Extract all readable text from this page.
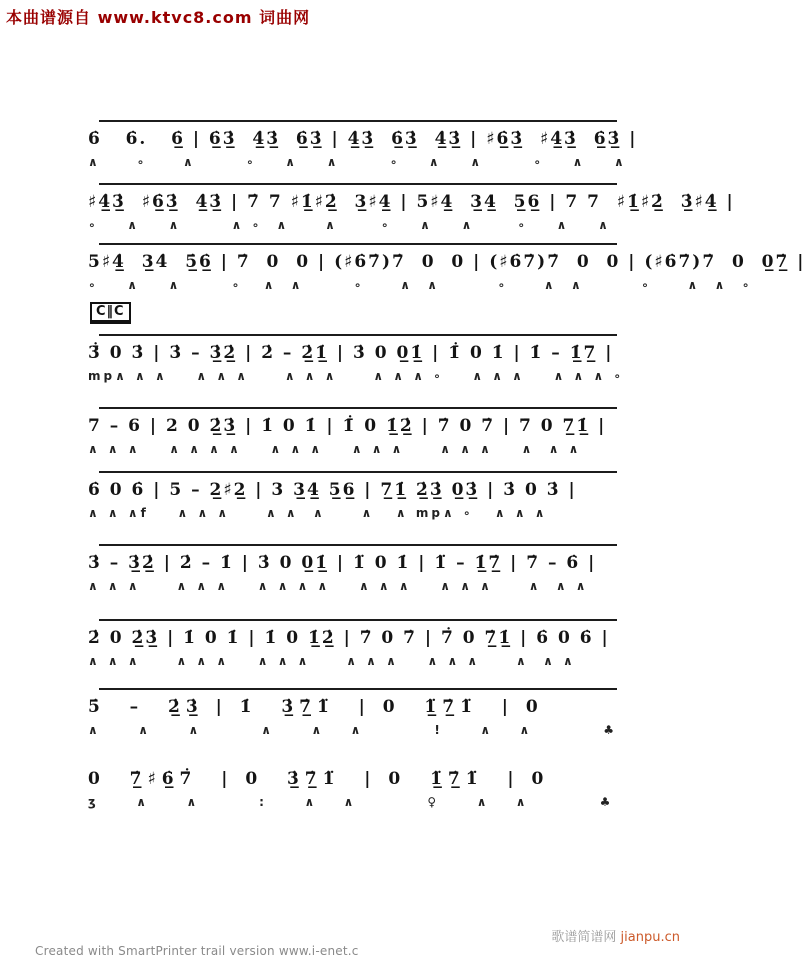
本曲谱源自 www.ktvc8.com 词曲网
6̇   6̇.   6̲̇ | 6̲̇3̲̇  4̲̇3̲̇  6̲̇3̲̇ | 4̲̇3̲̇  6̲̇3̲̇  4̲̇3̲̇ | ♯6̲̇3̲̇  ♯4̲̇3̲̇  6̲̇3̲̇ |
∧     ∘     ∧       ∘    ∧    ∧       ∘    ∧    ∧       ∘    ∧    ∧
♯4̲̇3̲̇  ♯6̲̇3̲̇  4̲̇3̲̇ | 7̇ 7 ♯1̲̇♯2̲̇  3̲♯4̲ | 5♯4̲  3̲4̲  5̲6̲ | 7 7  ♯1̲̇♯2̲̇  3̲̇♯4̲̇ |
∘    ∧    ∧       ∧ ∘  ∧     ∧      ∘    ∧    ∧      ∘    ∧    ∧
5♯4̲̇  3̲4̇  5̲̇6̲̇ | 7̇  0  0 | (♯6̇7̇)7̇  0  0 | (♯6̇7̇)7̇  0  0 | (♯6̇7̇)7̇  0  0̲7̲̇ |
∘    ∧    ∧       ∘   ∧  ∧       ∘     ∧  ∧        ∘     ∧  ∧        ∘     ∧  ∧  ∘
C‖C
3̄̇ 0 3̇ | 3̇ – 3̲̇2̲̇ | 2̇ – 2̲̇1̲̇ | 3̇ 0 0̲1̲̇ | 1̄̇ 0 1̇ | 1̇ – 1̲̇7̲ |
mp∧ ∧ ∧    ∧ ∧ ∧     ∧ ∧ ∧     ∧ ∧ ∧ ∘    ∧ ∧ ∧    ∧ ∧ ∧ ∘
7 – 6 | 2 0 2̲̇3̲̇ | 1̇ 0 1̇ | 1̄̇ 0 1̲̇2̲̇ | 7̇ 0 7̇ | 7̄ 0 7̲1̲̇ |
∧ ∧ ∧    ∧ ∧ ∧ ∧    ∧ ∧ ∧    ∧ ∧ ∧     ∧ ∧ ∧    ∧  ∧ ∧
6̇ 0 6̇ | 5 – 2̲♯2̲ | 3 3̲4̲ 5̲6̲ | 7̲1̲̇ 2̲̇3̲̇ 0̲3̲̇ | 3̇ 0 3̇ |
∧ ∧ ∧f    ∧ ∧ ∧     ∧ ∧  ∧     ∧   ∧ mp∧ ∘   ∧ ∧ ∧
3̇ – 3̲̇2̲̇ | 2̇ – 1̇ | 3̇ 0 0̲1̲̇ | 1̈ 0 1̇ | 1̈ – 1̲̇7̲̇ | 7̇ – 6̇ |
∧ ∧ ∧     ∧ ∧ ∧    ∧ ∧ ∧ ∧    ∧ ∧ ∧    ∧ ∧ ∧     ∧  ∧ ∧
2̇ 0 2̲̇3̲̇ | 1̇ 0 1̇ | 1̇ 0 1̲̇2̲̇ | 7̇ 0 7̇ | 7̄̇ 0 7̲̇1̲̇ | 6̇ 0 6̇ |
∧ ∧ ∧     ∧ ∧ ∧    ∧ ∧ ∧     ∧ ∧ ∧    ∧ ∧ ∧     ∧  ∧ ∧
5̇  –  2̲̇3̲̇ | 1̇  3̲̇7̲̇1̈  | 0  1̲̈7̲̇1̈  | 0
∧   ∧   ∧     ∧   ∧  ∧      !   ∧  ∧      ♣
0  7̲̇♯6̲̇7̄̇  | 0  3̲̇7̲̇1̈  | 0  1̲̈7̲̇1̈  | 0
ʒ   ∧   ∧     :   ∧  ∧      ♀   ∧  ∧      ♣
Created with SmartPrinter trail version www.i-enet.c

歌谱简谱网 jianpu.cn
